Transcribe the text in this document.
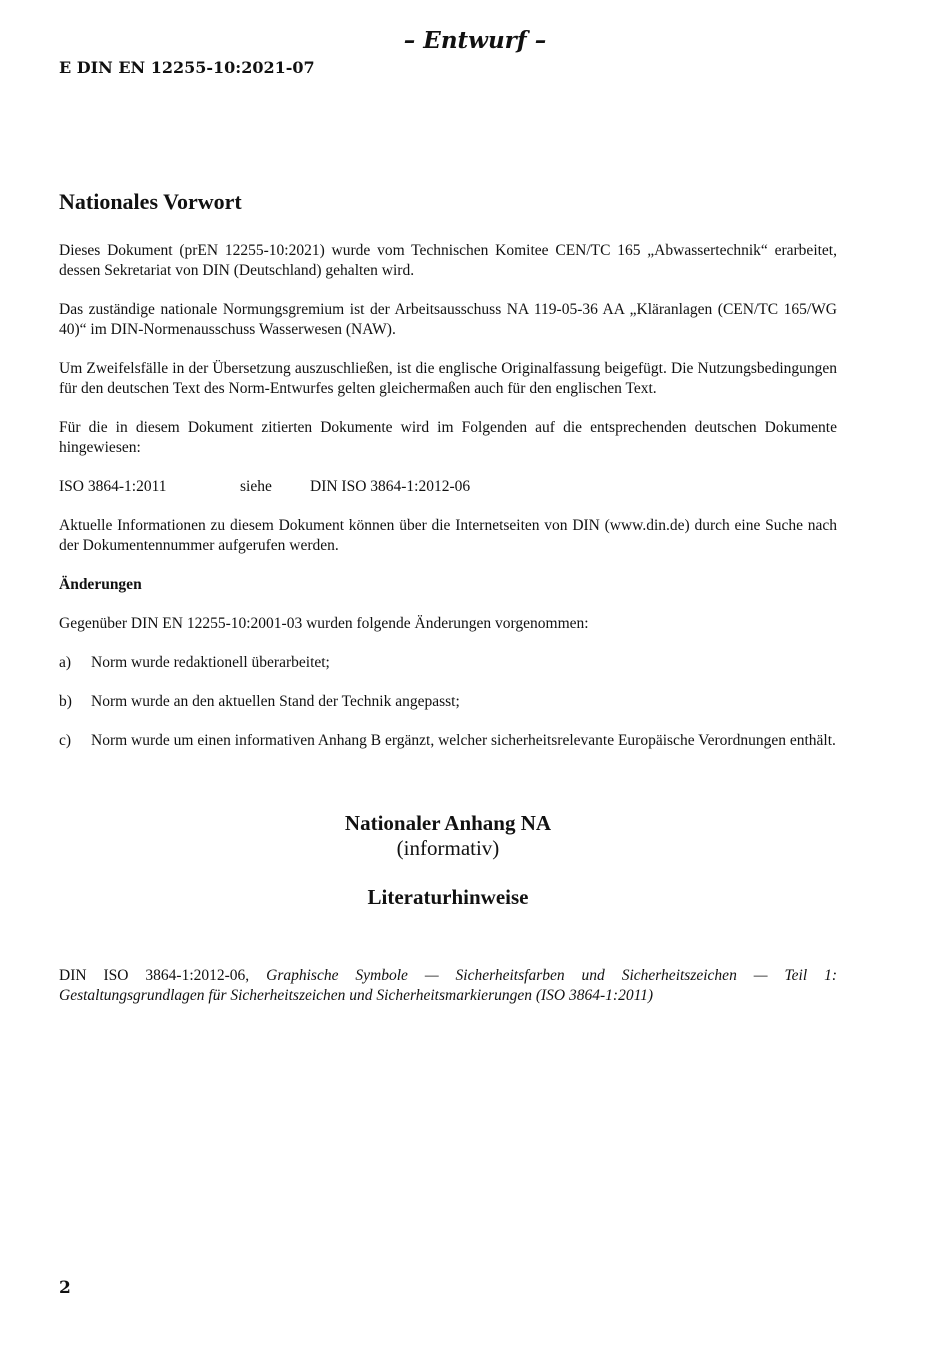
– Entwurf –
E DIN EN 12255-10:2021-07
Nationales Vorwort

Dieses Dokument (prEN 12255-10:2021) wurde vom Technischen Komitee CEN/TC 165 „Abwassertechnik“ erarbeitet, dessen Sekretariat von DIN (Deutschland) gehalten wird.

Das zuständige nationale Normungsgremium ist der Arbeitsausschuss NA 119-05-36 AA „Kläranlagen (CEN/TC 165/WG 40)“ im DIN-Normenausschuss Wasserwesen (NAW).

Um Zweifelsfälle in der Übersetzung auszuschließen, ist die englische Originalfassung beigefügt. Die Nutzungsbedingungen für den deutschen Text des Norm-Entwurfes gelten gleichermaßen auch für den englischen Text.

Für die in diesem Dokument zitierten Dokumente wird im Folgenden auf die entsprechenden deutschen Dokumente hingewiesen:

ISO 3864-1:2011	siehe	DIN ISO 3864-1:2012-06

Aktuelle Informationen zu diesem Dokument können über die Internetseiten von DIN (www.din.de) durch eine Suche nach der Dokumentennummer aufgerufen werden.

Änderungen

Gegenüber DIN EN 12255-10:2001-03 wurden folgende Änderungen vorgenommen:

a)	Norm wurde redaktionell überarbeitet;
b)	Norm wurde an den aktuellen Stand der Technik angepasst;
c)	Norm wurde um einen informativen Anhang B ergänzt, welcher sicherheitsrelevante Europäische Verordnungen enthält.
Nationaler Anhang NA
(informativ)
Literaturhinweise

DIN ISO 3864-1:2012-06, Graphische Symbole — Sicherheitsfarben und Sicherheitszeichen — Teil 1: Gestaltungsgrundlagen für Sicherheitszeichen und Sicherheitsmarkierungen (ISO 3864-1:2011)

2
